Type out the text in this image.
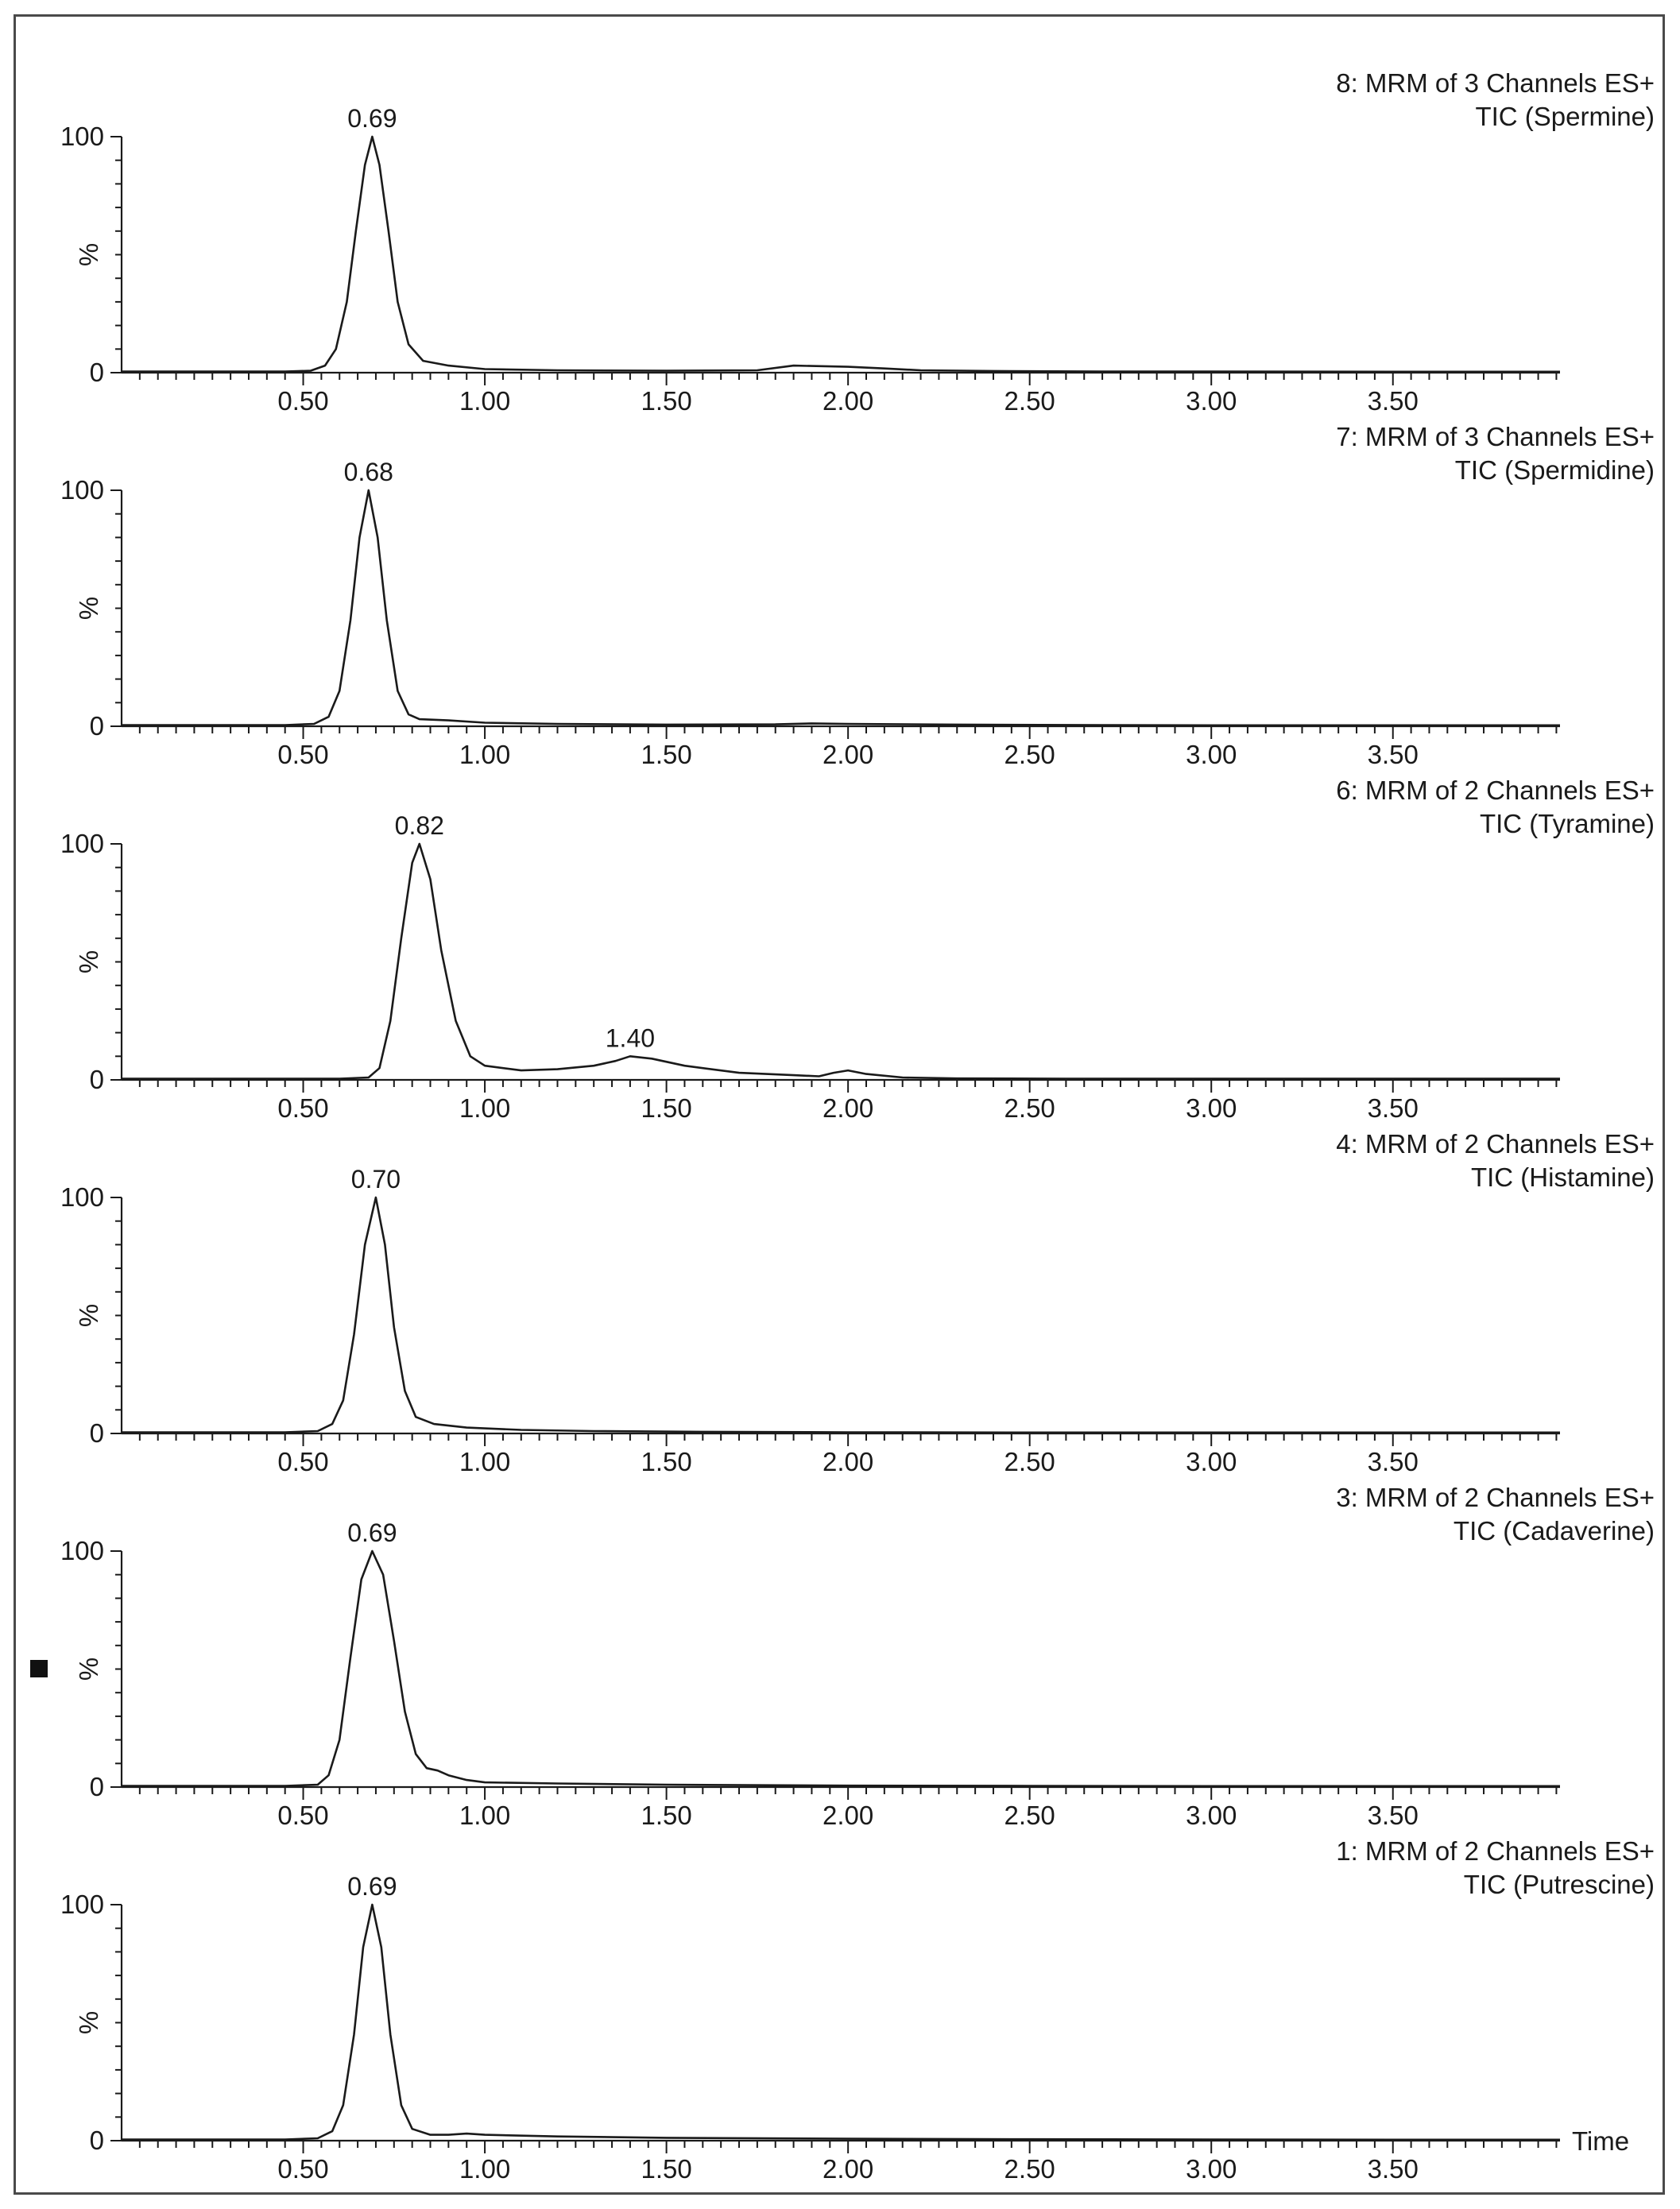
100
0
%
0.50	1.00	1.50	2.00	2.50	3.00	3.50
0.69
8: MRM of 3 Channels ES+
TIC (Spermine)
100
0
%
0.50	1.00	1.50	2.00	2.50	3.00	3.50
0.68
7: MRM of 3 Channels ES+
TIC (Spermidine)
100
0
%
0.50	1.00	1.50	2.00	2.50	3.00	3.50
0.82
1.40
6: MRM of 2 Channels ES+
TIC (Tyramine)
100
0
%
0.50	1.00	1.50	2.00	2.50	3.00	3.50
0.70
4: MRM of 2 Channels ES+
TIC (Histamine)
100
0
%
0.50	1.00	1.50	2.00	2.50	3.00	3.50
0.69
3: MRM of 2 Channels ES+
TIC (Cadaverine)
100
0
%
0.50	1.00	1.50	2.00	2.50	3.00	3.50
0.69
1: MRM of 2 Channels ES+
TIC (Putrescine)
Time
